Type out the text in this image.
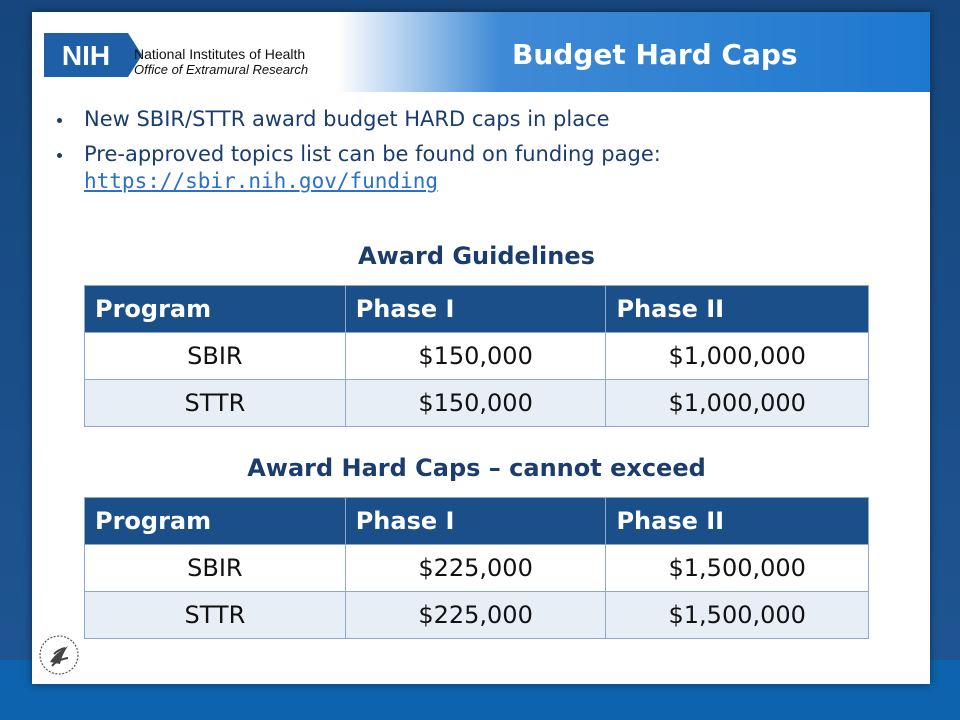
NIH National Institutes of Health
Office of Extramural Research	Budget Hard Caps
New SBIR/STTR award budget HARD caps in place
Pre-approved topics list can be found on funding page:
https://sbir.nih.gov/funding
Award Guidelines
Program	Phase I	Phase II
SBIR	$150,000	$1,000,000
STTR	$150,000	$1,000,000
Award Hard Caps – cannot exceed
Program	Phase I	Phase II
SBIR	$225,000	$1,500,000
STTR	$225,000	$1,500,000
